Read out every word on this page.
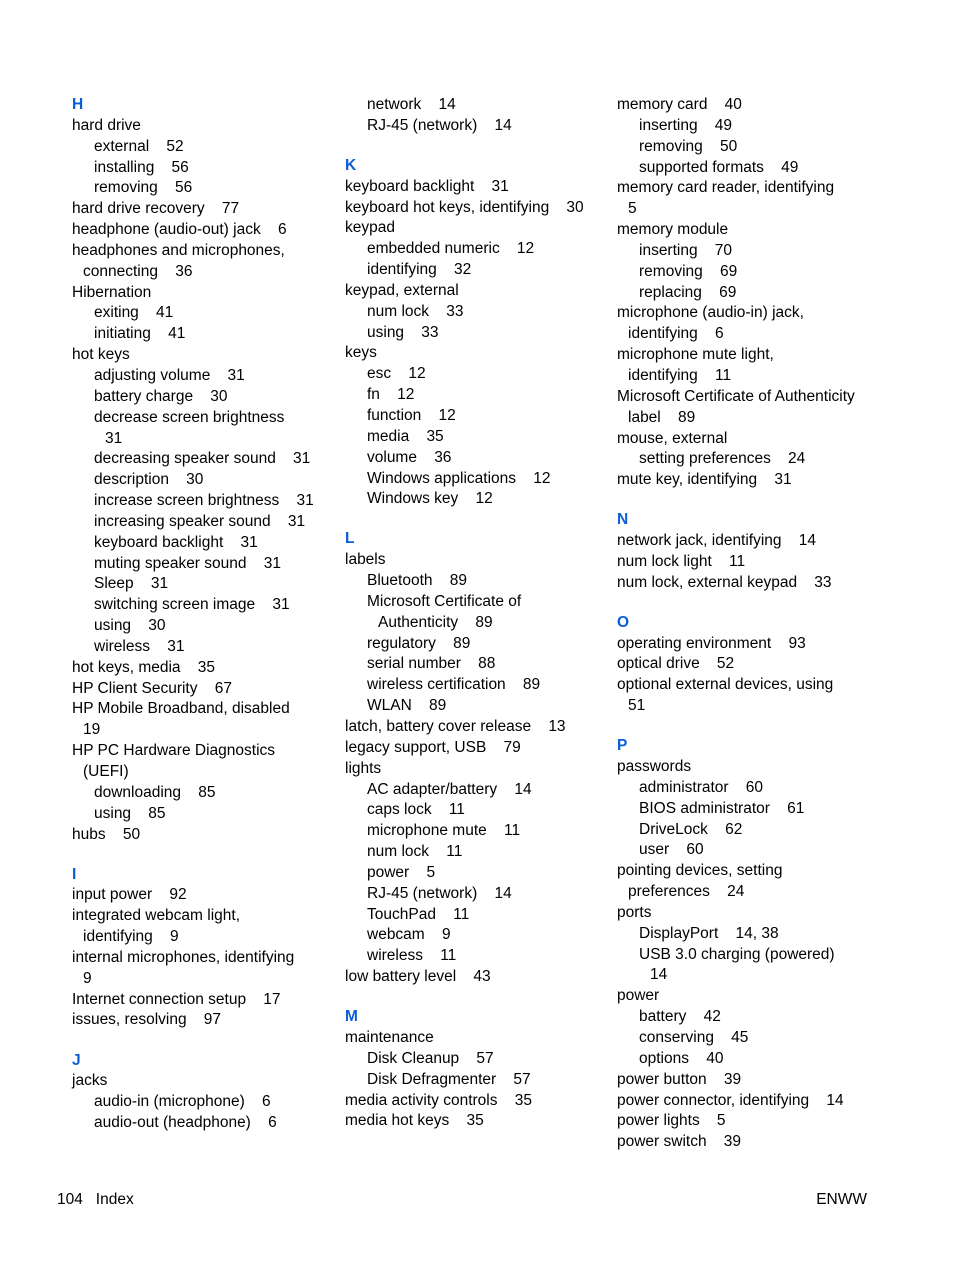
H
hard drive
external    52
installing    56
removing    56
hard drive recovery    77
headphone (audio-out) jack    6
headphones and microphones,
connecting    36
Hibernation
exiting    41
initiating    41
hot keys
adjusting volume    31
battery charge    30
decrease screen brightness
31
decreasing speaker sound    31
description    30
increase screen brightness    31
increasing speaker sound    31
keyboard backlight    31
muting speaker sound    31
Sleep    31
switching screen image    31
using    30
wireless    31
hot keys, media    35
HP Client Security    67
HP Mobile Broadband, disabled
19
HP PC Hardware Diagnostics
(UEFI)
downloading    85
using    85
hubs    50
I
input power    92
integrated webcam light,
identifying    9
internal microphones, identifying
9
Internet connection setup    17
issues, resolving    97
J
jacks
audio-in (microphone)    6
audio-out (headphone)    6
network    14
RJ-45 (network)    14
K
keyboard backlight    31
keyboard hot keys, identifying    30
keypad
embedded numeric    12
identifying    32
keypad, external
num lock    33
using    33
keys
esc    12
fn    12
function    12
media    35
volume    36
Windows applications    12
Windows key    12
L
labels
Bluetooth    89
Microsoft Certificate of
Authenticity    89
regulatory    89
serial number    88
wireless certification    89
WLAN    89
latch, battery cover release    13
legacy support, USB    79
lights
AC adapter/battery    14
caps lock    11
microphone mute    11
num lock    11
power    5
RJ-45 (network)    14
TouchPad    11
webcam    9
wireless    11
low battery level    43
M
maintenance
Disk Cleanup    57
Disk Defragmenter    57
media activity controls    35
media hot keys    35
memory card    40
inserting    49
removing    50
supported formats    49
memory card reader, identifying
5
memory module
inserting    70
removing    69
replacing    69
microphone (audio-in) jack,
identifying    6
microphone mute light,
identifying    11
Microsoft Certificate of Authenticity
label    89
mouse, external
setting preferences    24
mute key, identifying    31
N
network jack, identifying    14
num lock light    11
num lock, external keypad    33
O
operating environment    93
optical drive    52
optional external devices, using
51
P
passwords
administrator    60
BIOS administrator    61
DriveLock    62
user    60
pointing devices, setting
preferences    24
ports
DisplayPort    14, 38
USB 3.0 charging (powered)
14
power
battery    42
conserving    45
options    40
power button    39
power connector, identifying    14
power lights    5
power switch    39
104   Index	ENWW
